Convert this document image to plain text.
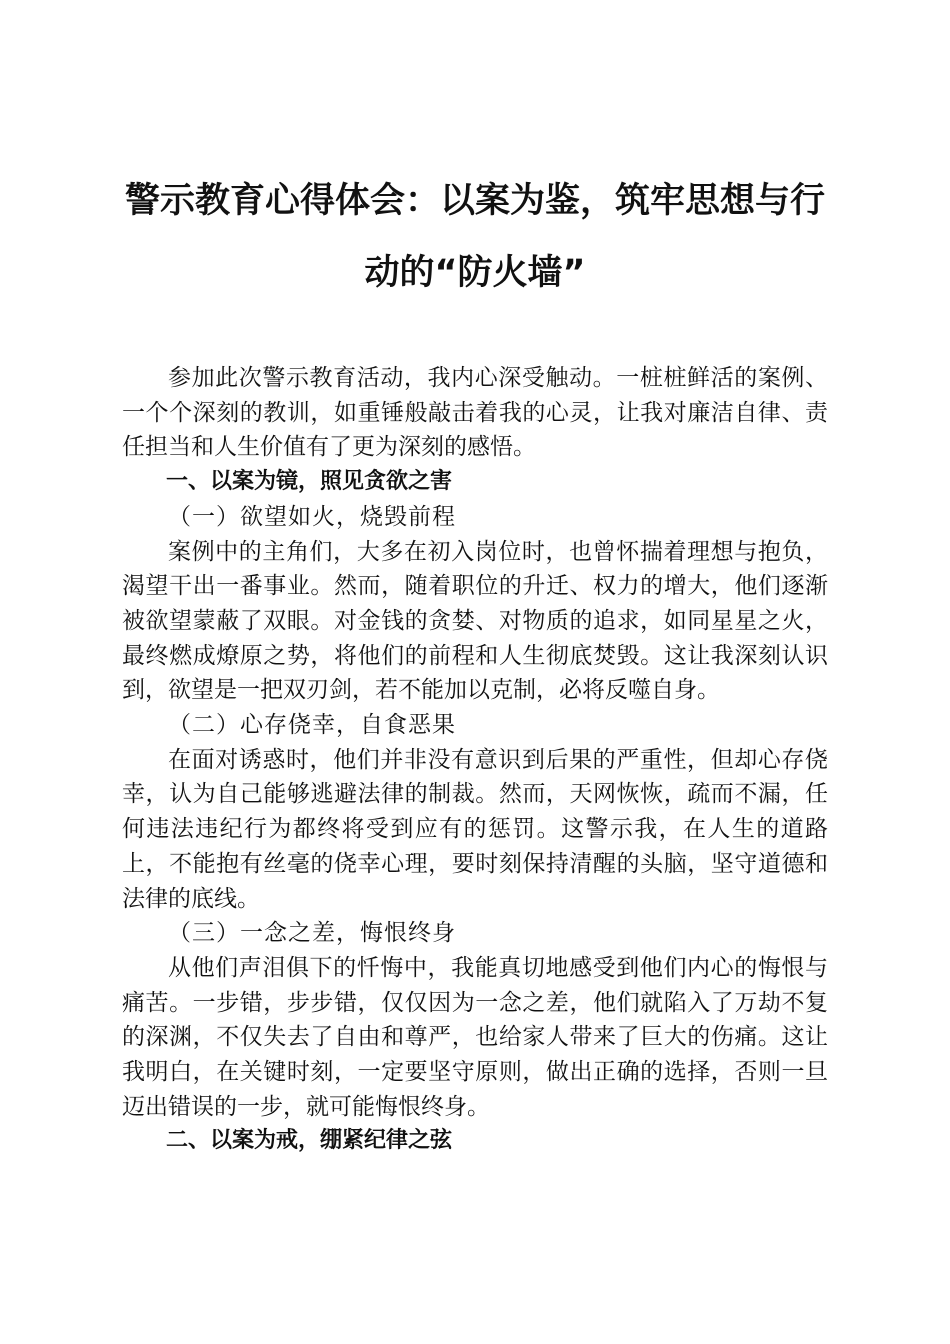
警示教育心得体会：以案为鉴，筑牢思想与行动的“防火墙”

参加此次警示教育活动，我内心深受触动。一桩桩鲜活的案例、一个个深刻的教训，如重锤般敲击着我的心灵，让我对廉洁自律、责任担当和人生价值有了更为深刻的感悟。

一、以案为镜，照见贪欲之害

（一）欲望如火，烧毁前程

案例中的主角们，大多在初入岗位时，也曾怀揣着理想与抱负，渴望干出一番事业。然而，随着职位的升迁、权力的增大，他们逐渐被欲望蒙蔽了双眼。对金钱的贪婪、对物质的追求，如同星星之火，最终燃成燎原之势，将他们的前程和人生彻底焚毁。这让我深刻认识到，欲望是一把双刃剑，若不能加以克制，必将反噬自身。

（二）心存侥幸，自食恶果

在面对诱惑时，他们并非没有意识到后果的严重性，但却心存侥幸，认为自己能够逃避法律的制裁。然而，天网恢恢，疏而不漏，任何违法违纪行为都终将受到应有的惩罚。这警示我，在人生的道路上，不能抱有丝毫的侥幸心理，要时刻保持清醒的头脑，坚守道德和法律的底线。

（三）一念之差，悔恨终身

从他们声泪俱下的忏悔中，我能真切地感受到他们内心的悔恨与痛苦。一步错，步步错，仅仅因为一念之差，他们就陷入了万劫不复的深渊，不仅失去了自由和尊严，也给家人带来了巨大的伤痛。这让我明白，在关键时刻，一定要坚守原则，做出正确的选择，否则一旦迈出错误的一步，就可能悔恨终身。

二、以案为戒，绷紧纪律之弦
